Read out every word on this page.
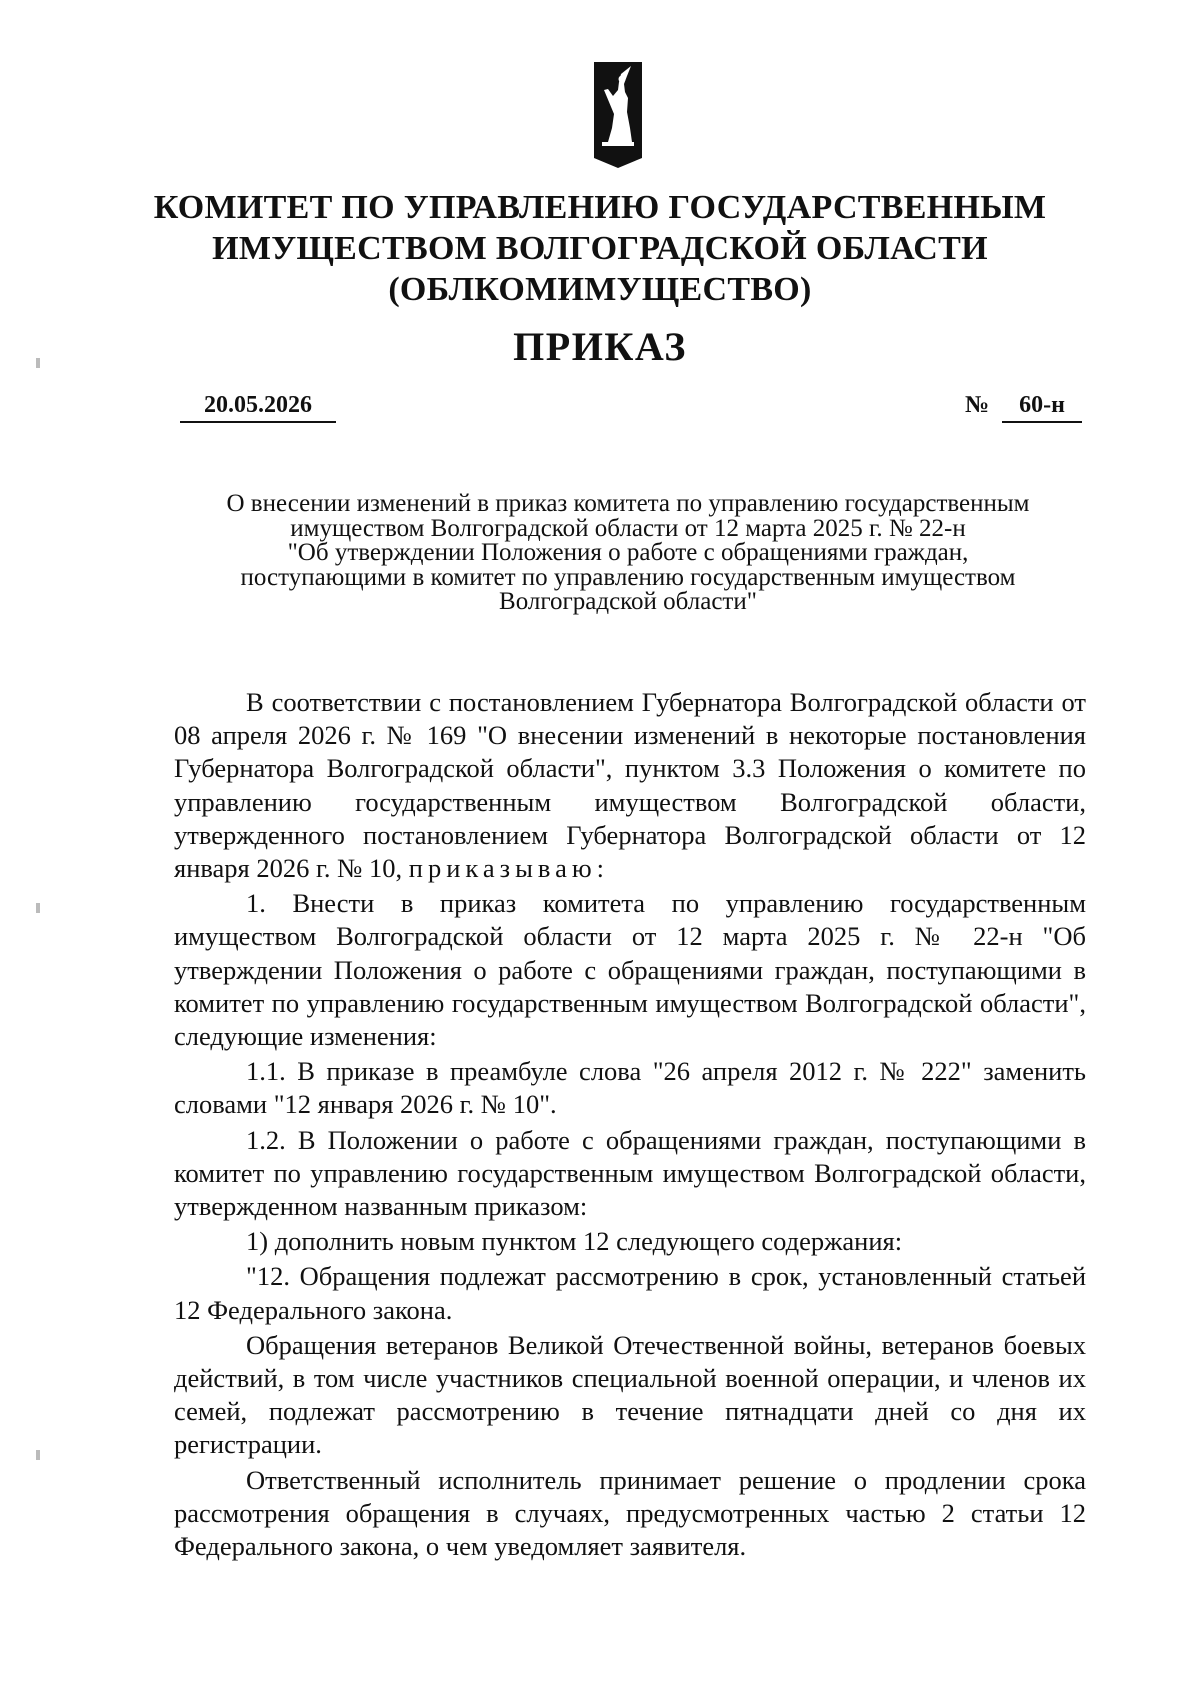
КОМИТЕТ ПО УПРАВЛЕНИЮ ГОСУДАРСТВЕННЫМ
ИМУЩЕСТВОМ ВОЛГОГРАДСКОЙ ОБЛАСТИ
(ОБЛКОМИМУЩЕСТВО)
ПРИКАЗ
20.05.2026	№	60-н
О внесении изменений в приказ комитета по управлению государственным
имуществом Волгоградской области от 12 марта 2025 г. № 22-н
"Об утверждении Положения о работе с обращениями граждан,
поступающими в комитет по управлению государственным имуществом
Волгоградской области"

В соответствии с постановлением Губернатора Волгоградской области от 08 апреля 2026 г. № 169 "О внесении изменений в некоторые постановления Губернатора Волгоградской области", пунктом 3.3 Положения о комитете по управлению государственным имуществом Волгоградской области, утвержденного постановлением Губернатора Волгоградской области от 12 января 2026 г. № 10, приказываю:

1. Внести в приказ комитета по управлению государственным имуществом Волгоградской области от 12 марта 2025 г. № 22-н "Об утверждении Положения о работе с обращениями граждан, поступающими в комитет по управлению государственным имуществом Волгоградской области", следующие изменения:

1.1. В приказе в преамбуле слова "26 апреля 2012 г. № 222" заменить словами "12 января 2026 г. № 10".

1.2. В Положении о работе с обращениями граждан, поступающими в комитет по управлению государственным имуществом Волгоградской области, утвержденном названным приказом:

1) дополнить новым пунктом 12 следующего содержания:

"12. Обращения подлежат рассмотрению в срок, установленный статьей 12 Федерального закона.

Обращения ветеранов Великой Отечественной войны, ветеранов боевых действий, в том числе участников специальной военной операции, и членов их семей, подлежат рассмотрению в течение пятнадцати дней со дня их регистрации.

Ответственный исполнитель принимает решение о продлении срока рассмотрения обращения в случаях, предусмотренных частью 2 статьи 12 Федерального закона, о чем уведомляет заявителя.
